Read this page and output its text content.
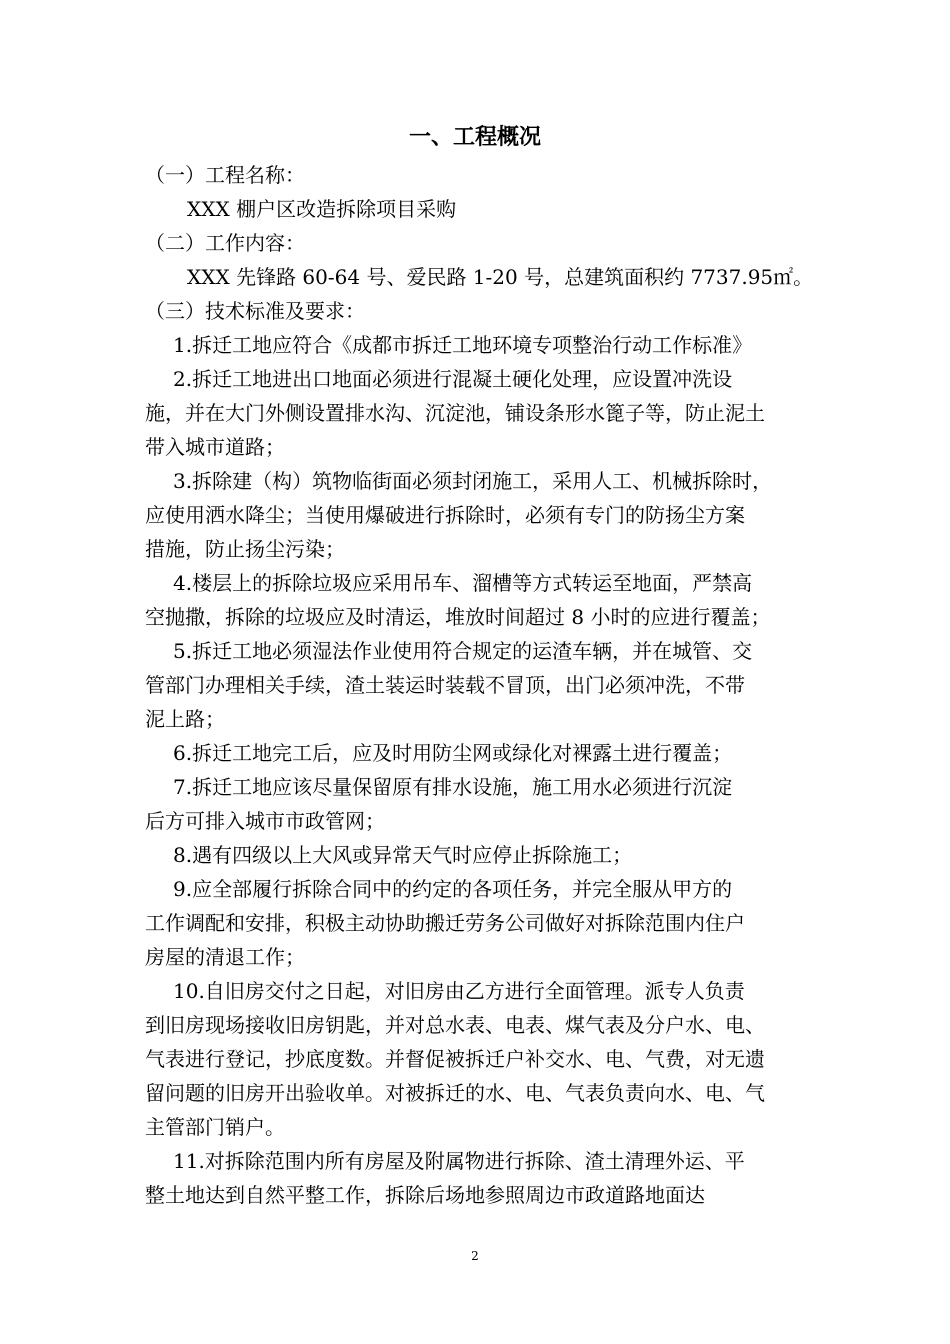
一、工程概况
（一）工程名称：
XXX 棚户区改造拆除项目采购
（二）工作内容：
XXX 先锋路 60-64 号、爱民路 1-20 号，总建筑面积约 7737.95㎡。
（三）技术标准及要求：
1.拆迁工地应符合《成都市拆迁工地环境专项整治行动工作标准》
2.拆迁工地进出口地面必须进行混凝土硬化处理，应设置冲洗设
施，并在大门外侧设置排水沟、沉淀池，铺设条形水篦子等，防止泥土
带入城市道路；
3.拆除建（构）筑物临街面必须封闭施工，采用人工、机械拆除时，
应使用洒水降尘；当使用爆破进行拆除时，必须有专门的防扬尘方案
措施，防止扬尘污染；
4.楼层上的拆除垃圾应采用吊车、溜槽等方式转运至地面，严禁高
空抛撒，拆除的垃圾应及时清运，堆放时间超过 8 小时的应进行覆盖；
5.拆迁工地必须湿法作业使用符合规定的运渣车辆，并在城管、交
管部门办理相关手续，渣土装运时装载不冒顶，出门必须冲洗，不带
泥上路；
6.拆迁工地完工后，应及时用防尘网或绿化对裸露土进行覆盖；
7.拆迁工地应该尽量保留原有排水设施，施工用水必须进行沉淀
后方可排入城市市政管网；
8.遇有四级以上大风或异常天气时应停止拆除施工；
9.应全部履行拆除合同中的约定的各项任务，并完全服从甲方的
工作调配和安排，积极主动协助搬迁劳务公司做好对拆除范围内住户
房屋的清退工作；
10.自旧房交付之日起，对旧房由乙方进行全面管理。派专人负责
到旧房现场接收旧房钥匙，并对总水表、电表、煤气表及分户水、电、
气表进行登记，抄底度数。并督促被拆迁户补交水、电、气费，对无遗
留问题的旧房开出验收单。对被拆迁的水、电、气表负责向水、电、气
主管部门销户。
11.对拆除范围内所有房屋及附属物进行拆除、渣土清理外运、平
整土地达到自然平整工作，拆除后场地参照周边市政道路地面达
2
